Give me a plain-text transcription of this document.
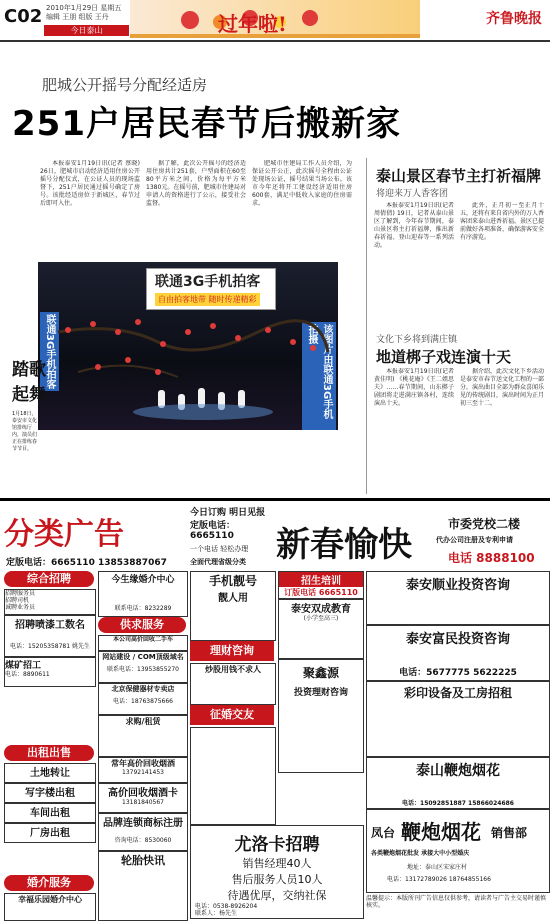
C02 2010年1月29日 星期五
编辑 王朋 组版 王丹
今日泰山	过年啦!	齐鲁晚报
肥城公开摇号分配经适房
251户居民春节后搬新家

本报泰安1月19日讯(记者 蔡晓) 26日，肥城市启动经济适用住房公开摇号分配仪式，在公证人员的现场监督下，251户居民通过摇号确定了房号。该批经适房位于新城区，春节过后即可入住。

据了解，此次公开摇号的经济适用住房共计251套，户型面积在60至80平方米之间，价格为每平方米1380元。在摇号前，肥城市住建局对申请人的资格进行了公示，接受社会监督。

肥城市住建局工作人员介绍，为保证公开公正，此次摇号全程由公证处现场公证，摇号结果当场公布。该市今年还将开工建设经济适用住房600套，满足中低收入家庭的住房需求。

泰山景区春节主打祈福牌
将迎来万人香客团

本报泰安1月19日讯(记者 周倩倩) 19日，记者从泰山景区了解到，今年春节期间，泰山景区将主打祈福牌，推出新春祈福、登山迎春等一系列活动。

此外，正月初一至正月十五，还将有来自省内外的万人香客团来泰山进香祈福。景区已提前做好各项准备，确保游客安全有序游览。

文化下乡将到满庄镇
地道梆子戏连演十天

本报泰安1月19日讯(记者 黄佳明) 《桃花庵》《王二姐思夫》……春节期间，山东梆子剧团将走进满庄镇各村，连续演出十天。

据介绍，此次文化下乡活动是泰安市春节送文化工程的一部分，演出曲目全部为群众喜闻乐见的传统剧目，演出时间为正月初三至十二。

联通3G手机拍客
自由拍客地带 随时传递精彩
联通3G手机拍客	该图片由联通3G手机拍摄
踏歌
起舞
1月18日，泰安市文化馆排练厅内，演员们正在排练春节节目。
分类广告
定版电话：6665110 13853887067
综合招聘
招聘服务员
招聘司机
诚聘业务员
招聘喷漆工数名
电话：15205358781 姚先生
煤矿招工
电话：8890611
出租出售
土地转让
写字楼出租
车间出租
厂房出租
婚介服务
幸福乐园婚介中心
今生缘婚介中心
联系电话：8232289
供求服务
本公司高价回收二手车
网站建设 / COM顶级域名
联系电话：13953855270
北京保健器材专卖店
电话：18763875666
求购/租赁
常年高价回收烟酒
13792141453
高价回收烟酒卡
13181840567
品牌连锁商标注册
咨询电话：8530060
轮胎快讯
今日订购 明日见报
定版电话：6665110
一个电话 轻松办理
全面代理省级分类
手机靓号
靓人用
理财咨询
炒股用钱不求人
征婚交友
招生培训
订版电话 6665110
泰安双成教育
(小学至高三)
聚鑫源
投资理财咨询
新春愉快
市委党校二楼
代办公司注册及专利申请
电话 8888100
泰安顺业投资咨询
泰安富民投资咨询
电话：5677775 5622225
彩印设备及工房招租
泰山鞭炮烟花
电话：15092851887 15866024686
尤洛卡招聘
销售经理40人
售后服务人员10人
待遇优厚，交纳社保
电话：0538-8926204
联系人：杨先生
凤台 鞭炮烟花 销售部
各类鞭炮烟花批发 承接大中小型婚庆
地址：泰山区宋家庄村
电话：13172789026 18764855166
温馨提示：本版所刊广告信息仅供参考，请读者与广告主交易时谨慎核实。
